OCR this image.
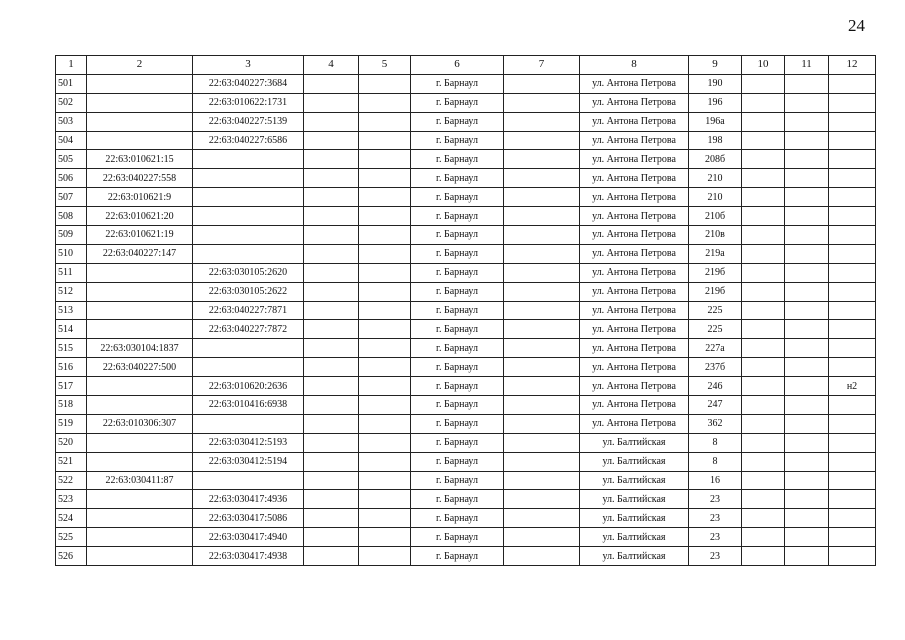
24
1	2	3	4	5	6	7	8	9	10	11	12
501		22:63:040227:3684			г. Барнаул		ул. Антона Петрова	190			
502		22:63:010622:1731			г. Барнаул		ул. Антона Петрова	196			
503		22:63:040227:5139			г. Барнаул		ул. Антона Петрова	196а			
504		22:63:040227:6586			г. Барнаул		ул. Антона Петрова	198			
505	22:63:010621:15				г. Барнаул		ул. Антона Петрова	208б			
506	22:63:040227:558				г. Барнаул		ул. Антона Петрова	210			
507	22:63:010621:9				г. Барнаул		ул. Антона Петрова	210			
508	22:63:010621:20				г. Барнаул		ул. Антона Петрова	210б			
509	22:63:010621:19				г. Барнаул		ул. Антона Петрова	210в			
510	22:63:040227:147				г. Барнаул		ул. Антона Петрова	219а			
511		22:63:030105:2620			г. Барнаул		ул. Антона Петрова	219б			
512		22:63:030105:2622			г. Барнаул		ул. Антона Петрова	219б			
513		22:63:040227:7871			г. Барнаул		ул. Антона Петрова	225			
514		22:63:040227:7872			г. Барнаул		ул. Антона Петрова	225			
515	22:63:030104:1837				г. Барнаул		ул. Антона Петрова	227а			
516	22:63:040227:500				г. Барнаул		ул. Антона Петрова	237б			
517		22:63:010620:2636			г. Барнаул		ул. Антона Петрова	246			н2
518		22:63:010416:6938			г. Барнаул		ул. Антона Петрова	247			
519	22:63:010306:307				г. Барнаул		ул. Антона Петрова	362			
520		22:63:030412:5193			г. Барнаул		ул. Балтийская	8			
521		22:63:030412:5194			г. Барнаул		ул. Балтийская	8			
522	22:63:030411:87				г. Барнаул		ул. Балтийская	16			
523		22:63:030417:4936			г. Барнаул		ул. Балтийская	23			
524		22:63:030417:5086			г. Барнаул		ул. Балтийская	23			
525		22:63:030417:4940			г. Барнаул		ул. Балтийская	23			
526		22:63:030417:4938			г. Барнаул		ул. Балтийская	23			
